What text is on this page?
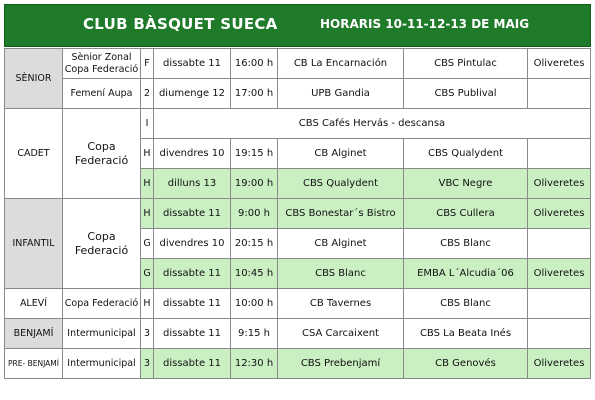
CLUB BÀSQUET SUECA	HORARIS 10-11-12-13 DE MAIG
SÈNIOR	Sènior Zonal Copa Federació	F	dissabte 11	16:00 h	CB La Encarnación	CBS Pintulac	Oliveretes
	Femení Aupa	2	diumenge 12	17:00 h	UPB Gandia	CBS Publival	
CADET	Copa Federació	I	CBS Cafés Hervás - descansa				
		H	divendres 10	19:15 h	CB Alginet	CBS Qualydent	
		H	dilluns 13	19:00 h	CBS Qualydent	VBC Negre	Oliveretes
INFANTIL	Copa Federació	H	dissabte 11	9:00 h	CBS Bonestar´s Bistro	CBS Cullera	Oliveretes
		G	divendres 10	20:15 h	CB Alginet	CBS Blanc	
		G	dissabte 11	10:45 h	CBS Blanc	EMBA L´Alcudia´06	Oliveretes
ALEVÍ	Copa Federació	H	dissabte 11	10:00 h	CB Tavernes	CBS Blanc	
BENJAMÍ	Intermunicipal	3	dissabte 11	9:15 h	CSA Carcaixent	CBS La Beata Inés	
PRE- BENJAMÍ	Intermunicipal	3	dissabte 11	12:30 h	CBS Prebenjamí	CB Genovés	Oliveretes
